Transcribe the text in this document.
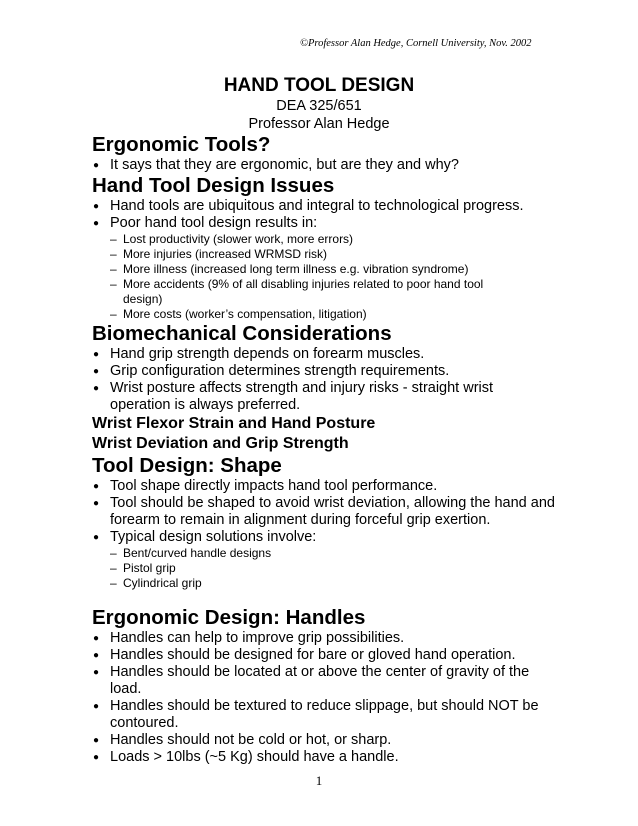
©Professor Alan Hedge, Cornell University, Nov. 2002
HAND TOOL DESIGN
DEA 325/651
Professor Alan Hedge
Ergonomic Tools?
● It says that they are ergonomic, but are they and why?
Hand Tool Design Issues
● Hand tools are ubiquitous and integral to technological progress.
● Poor hand tool design results in:
– Lost productivity (slower work, more errors)
– More injuries (increased WRMSD risk)
– More illness (increased long term illness e.g. vibration syndrome)
– More accidents (9% of all disabling injuries related to poor hand tool design)
– More costs (worker’s compensation, litigation)
Biomechanical Considerations
● Hand grip strength depends on forearm muscles.
● Grip configuration determines strength requirements.
● Wrist posture affects strength and injury risks - straight wrist operation is always preferred.
Wrist Flexor Strain and Hand Posture
Wrist Deviation and Grip Strength
Tool Design: Shape
● Tool shape directly impacts hand tool performance.
● Tool should be shaped to avoid wrist deviation, allowing the hand and forearm to remain in alignment during forceful grip exertion.
● Typical design solutions involve:
– Bent/curved handle designs
– Pistol grip
– Cylindrical grip
Ergonomic Design: Handles
● Handles can help to improve grip possibilities.
● Handles should be designed for bare or gloved hand operation.
● Handles should be located at or above the center of gravity of the load.
● Handles should be textured to reduce slippage, but should NOT be contoured.
● Handles should not be cold or hot, or sharp.
● Loads > 10lbs (~5 Kg) should have a handle.
1
